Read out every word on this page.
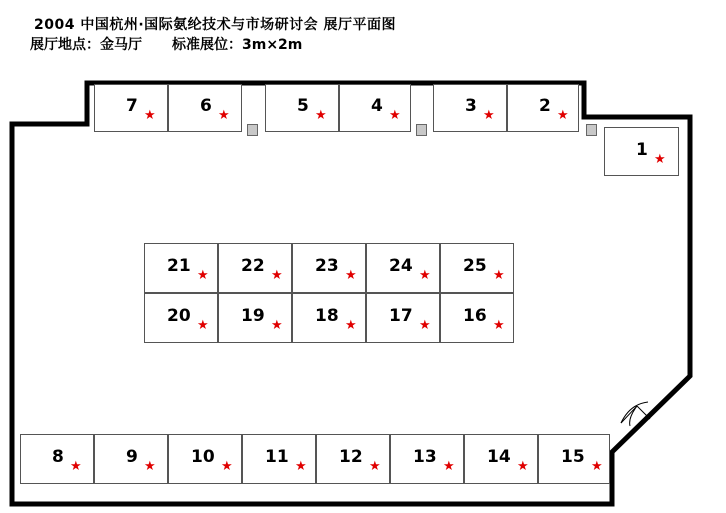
2004 中国杭州·国际氨纶技术与市场研讨会 展厅平面图
展厅地点：金马厅 标准展位：3m×2m
1 ★
2 ★
3 ★
4 ★
5 ★
6 ★
7 ★
8 ★	9 ★ 10 ★ 11 ★ 12 ★ 13 ★ 14 ★ 15 ★
16 ★
17 ★
18 ★
19 ★
20 ★
21 ★ 22 ★ 23 ★ 24 ★ 25 ★
